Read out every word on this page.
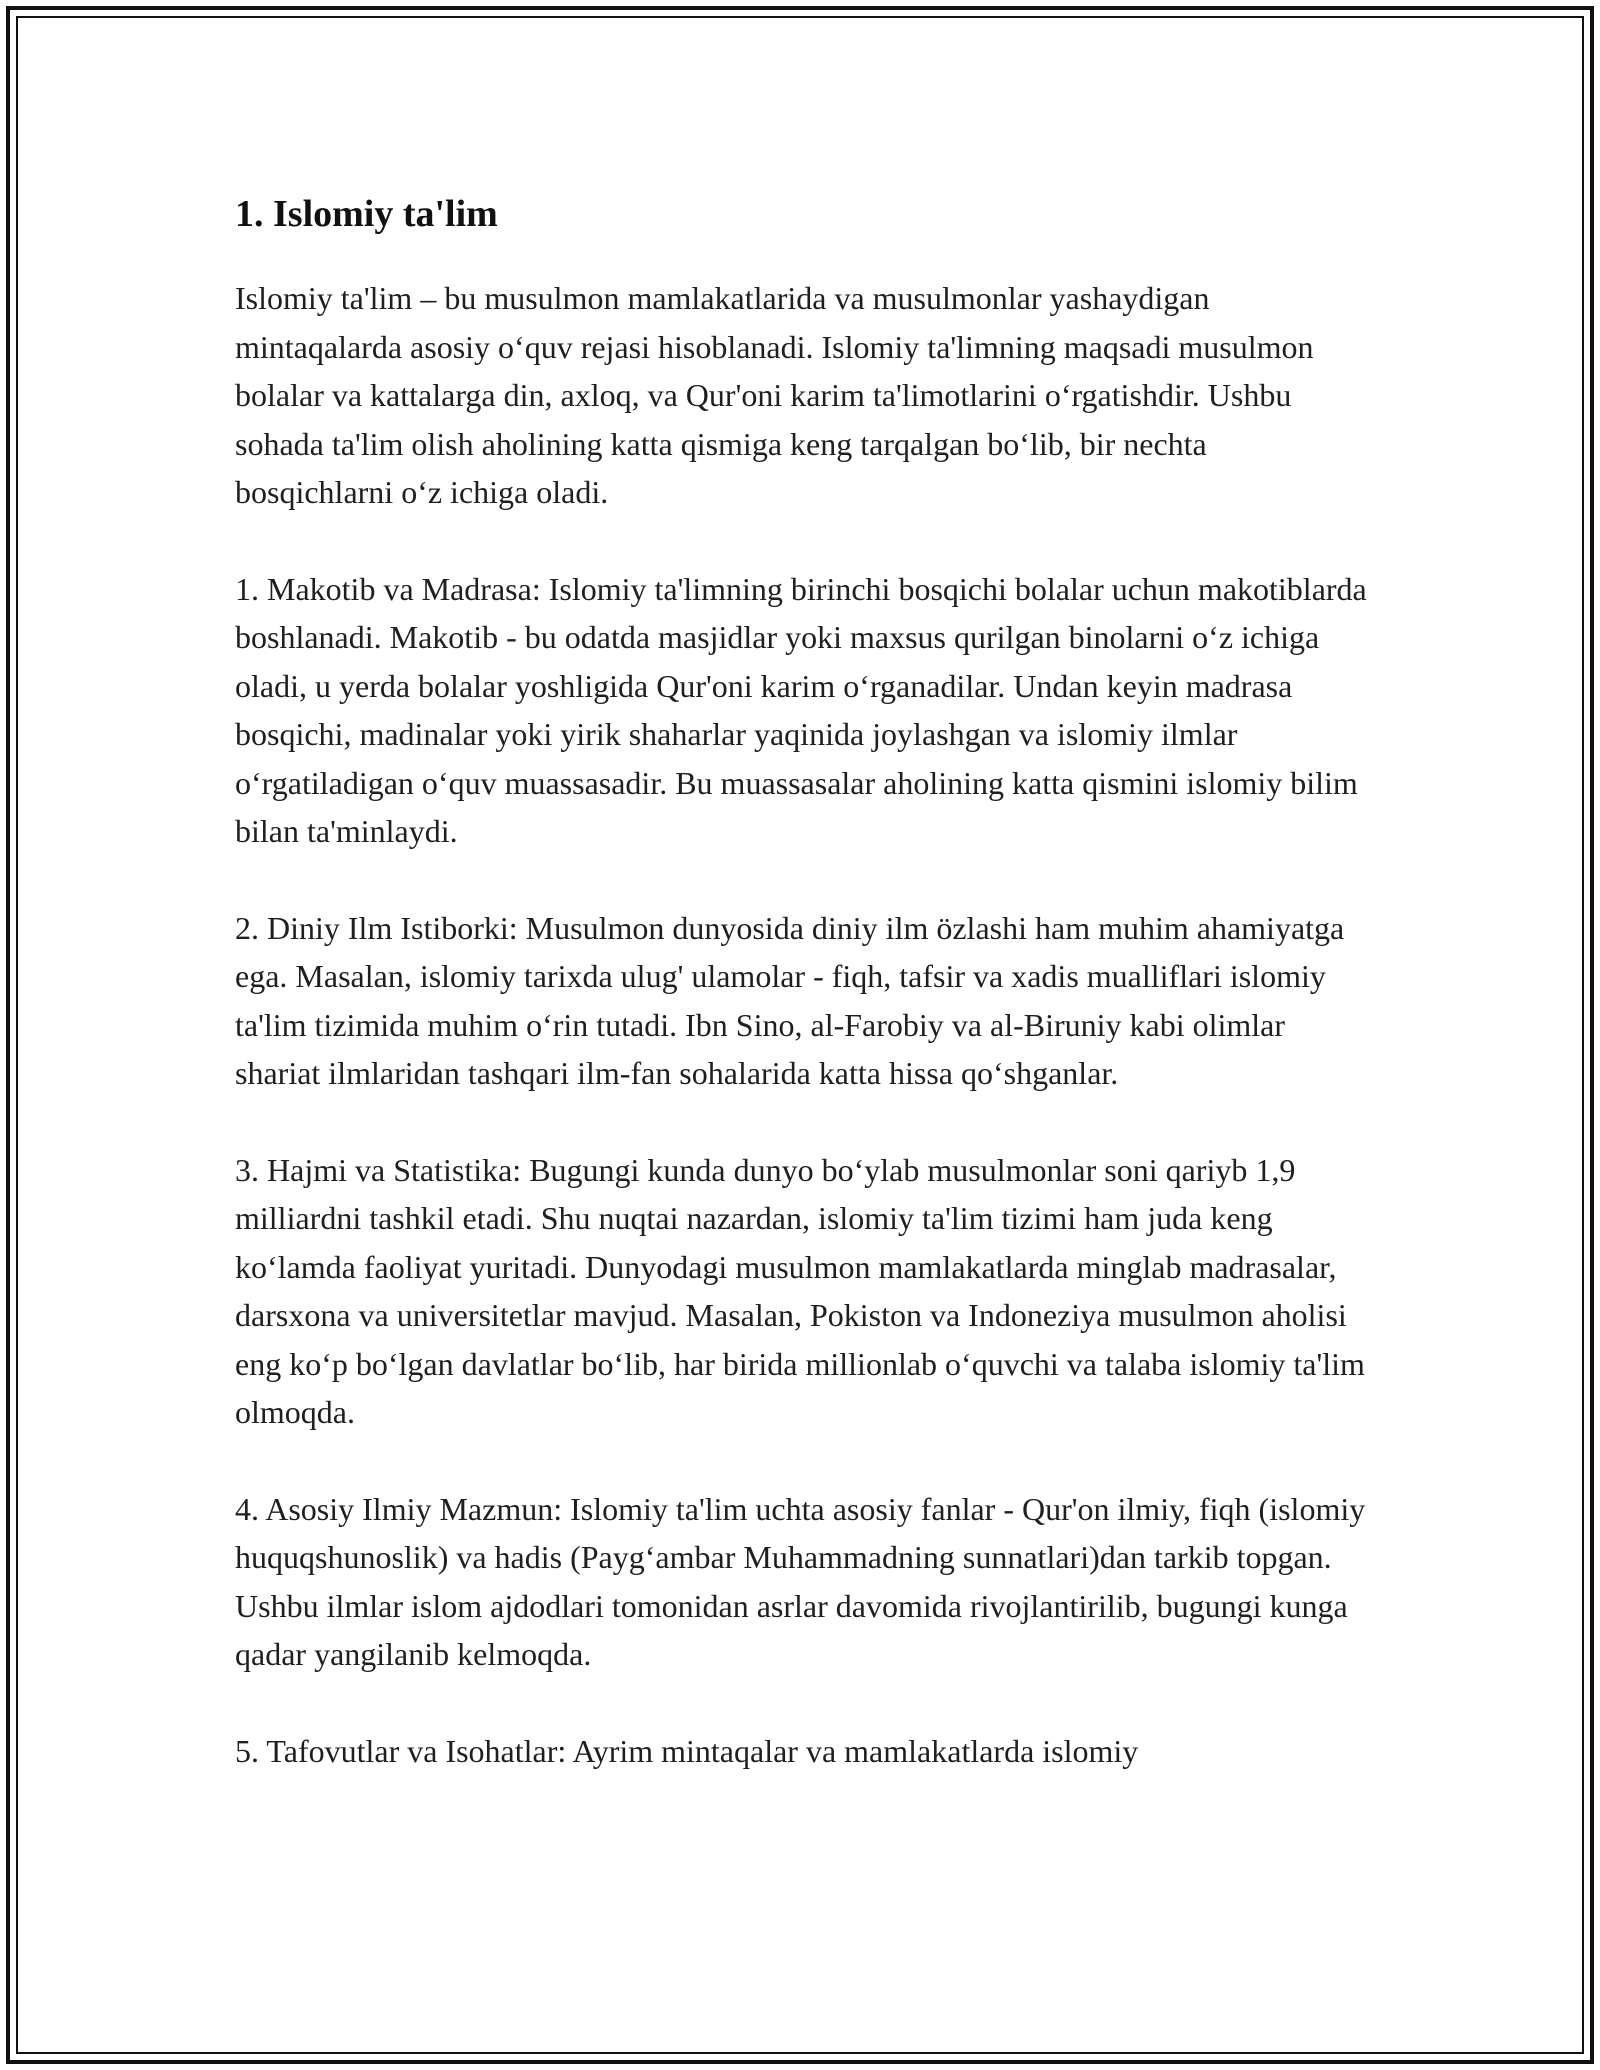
1. Islomiy ta'lim

Islomiy ta'lim – bu musulmon mamlakatlarida va musulmonlar yashaydigan mintaqalarda asosiy o‘quv rejasi hisoblanadi. Islomiy ta'limning maqsadi musulmon bolalar va kattalarga din, axloq, va Qur'oni karim ta'limotlarini o‘rgatishdir. Ushbu sohada ta'lim olish aholining katta qismiga keng tarqalgan bo‘lib, bir nechta bosqichlarni o‘z ichiga oladi.

1. Makotib va Madrasa: Islomiy ta'limning birinchi bosqichi bolalar uchun makotiblarda boshlanadi. Makotib - bu odatda masjidlar yoki maxsus qurilgan binolarni o‘z ichiga oladi, u yerda bolalar yoshligida Qur'oni karim o‘rganadilar. Undan keyin madrasa bosqichi, madinalar yoki yirik shaharlar yaqinida joylashgan va islomiy ilmlar o‘rgatiladigan o‘quv muassasadir. Bu muassasalar aholining katta qismini islomiy bilim bilan ta'minlaydi.

2. Diniy Ilm Istiborki: Musulmon dunyosida diniy ilm özlashi ham muhim ahamiyatga ega. Masalan, islomiy tarixda ulug' ulamolar - fiqh, tafsir va xadis mualliflari islomiy ta'lim tizimida muhim o‘rin tutadi. Ibn Sino, al-Farobiy va al-Biruniy kabi olimlar shariat ilmlaridan tashqari ilm-fan sohalarida katta hissa qo‘shganlar.

3. Hajmi va Statistika: Bugungi kunda dunyo bo‘ylab musulmonlar soni qariyb 1,9 milliardni tashkil etadi. Shu nuqtai nazardan, islomiy ta'lim tizimi ham juda keng ko‘lamda faoliyat yuritadi. Dunyodagi musulmon mamlakatlarda minglab madrasalar, darsxona va universitetlar mavjud. Masalan, Pokiston va Indoneziya musulmon aholisi eng ko‘p bo‘lgan davlatlar bo‘lib, har birida millionlab o‘quvchi va talaba islomiy ta'lim olmoqda.

4. Asosiy Ilmiy Mazmun: Islomiy ta'lim uchta asosiy fanlar - Qur'on ilmiy, fiqh (islomiy huquqshunoslik) va hadis (Payg‘ambar Muhammadning sunnatlari)dan tarkib topgan. Ushbu ilmlar islom ajdodlari tomonidan asrlar davomida rivojlantirilib, bugungi kunga qadar yangilanib kelmoqda.

5. Tafovutlar va Isohatlar: Ayrim mintaqalar va mamlakatlarda islomiy
